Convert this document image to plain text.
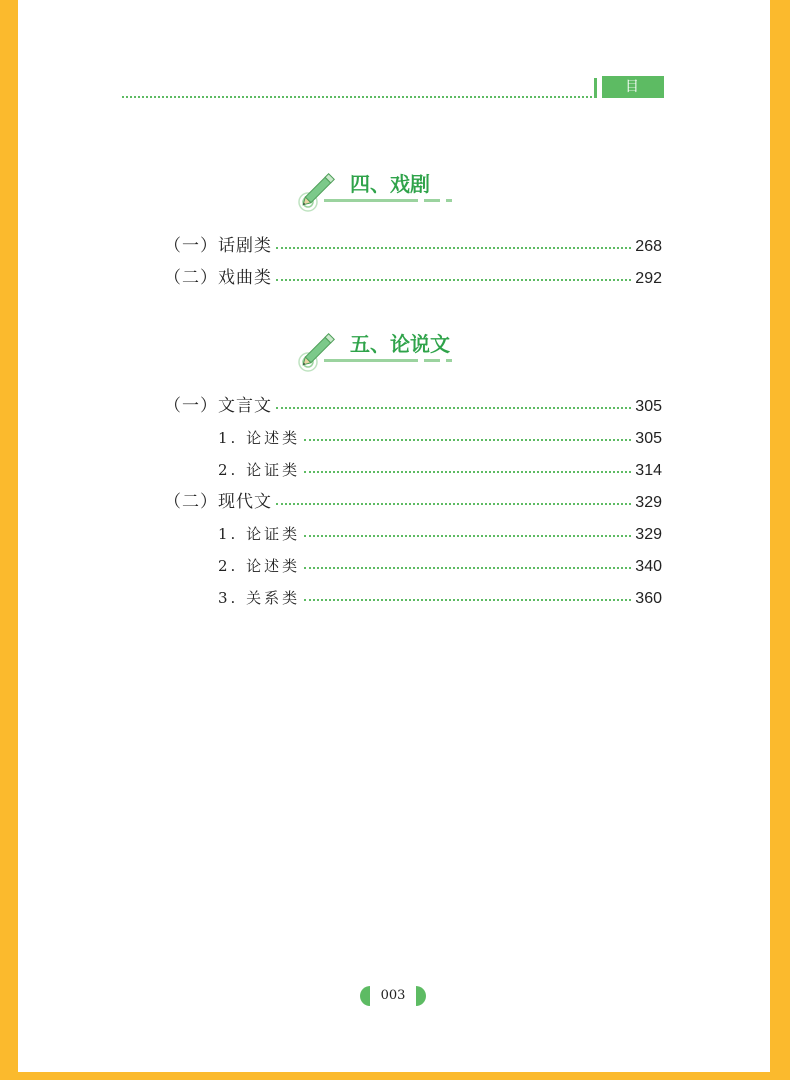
目 录
四、戏剧
（一）话剧类	268
（二）戏曲类	292
五、论说文
（一）文言文	305
1. 论述类	305
2. 论证类	314
（二）现代文	329
1. 论证类	329
2. 论述类	340
3. 关系类	360
003
